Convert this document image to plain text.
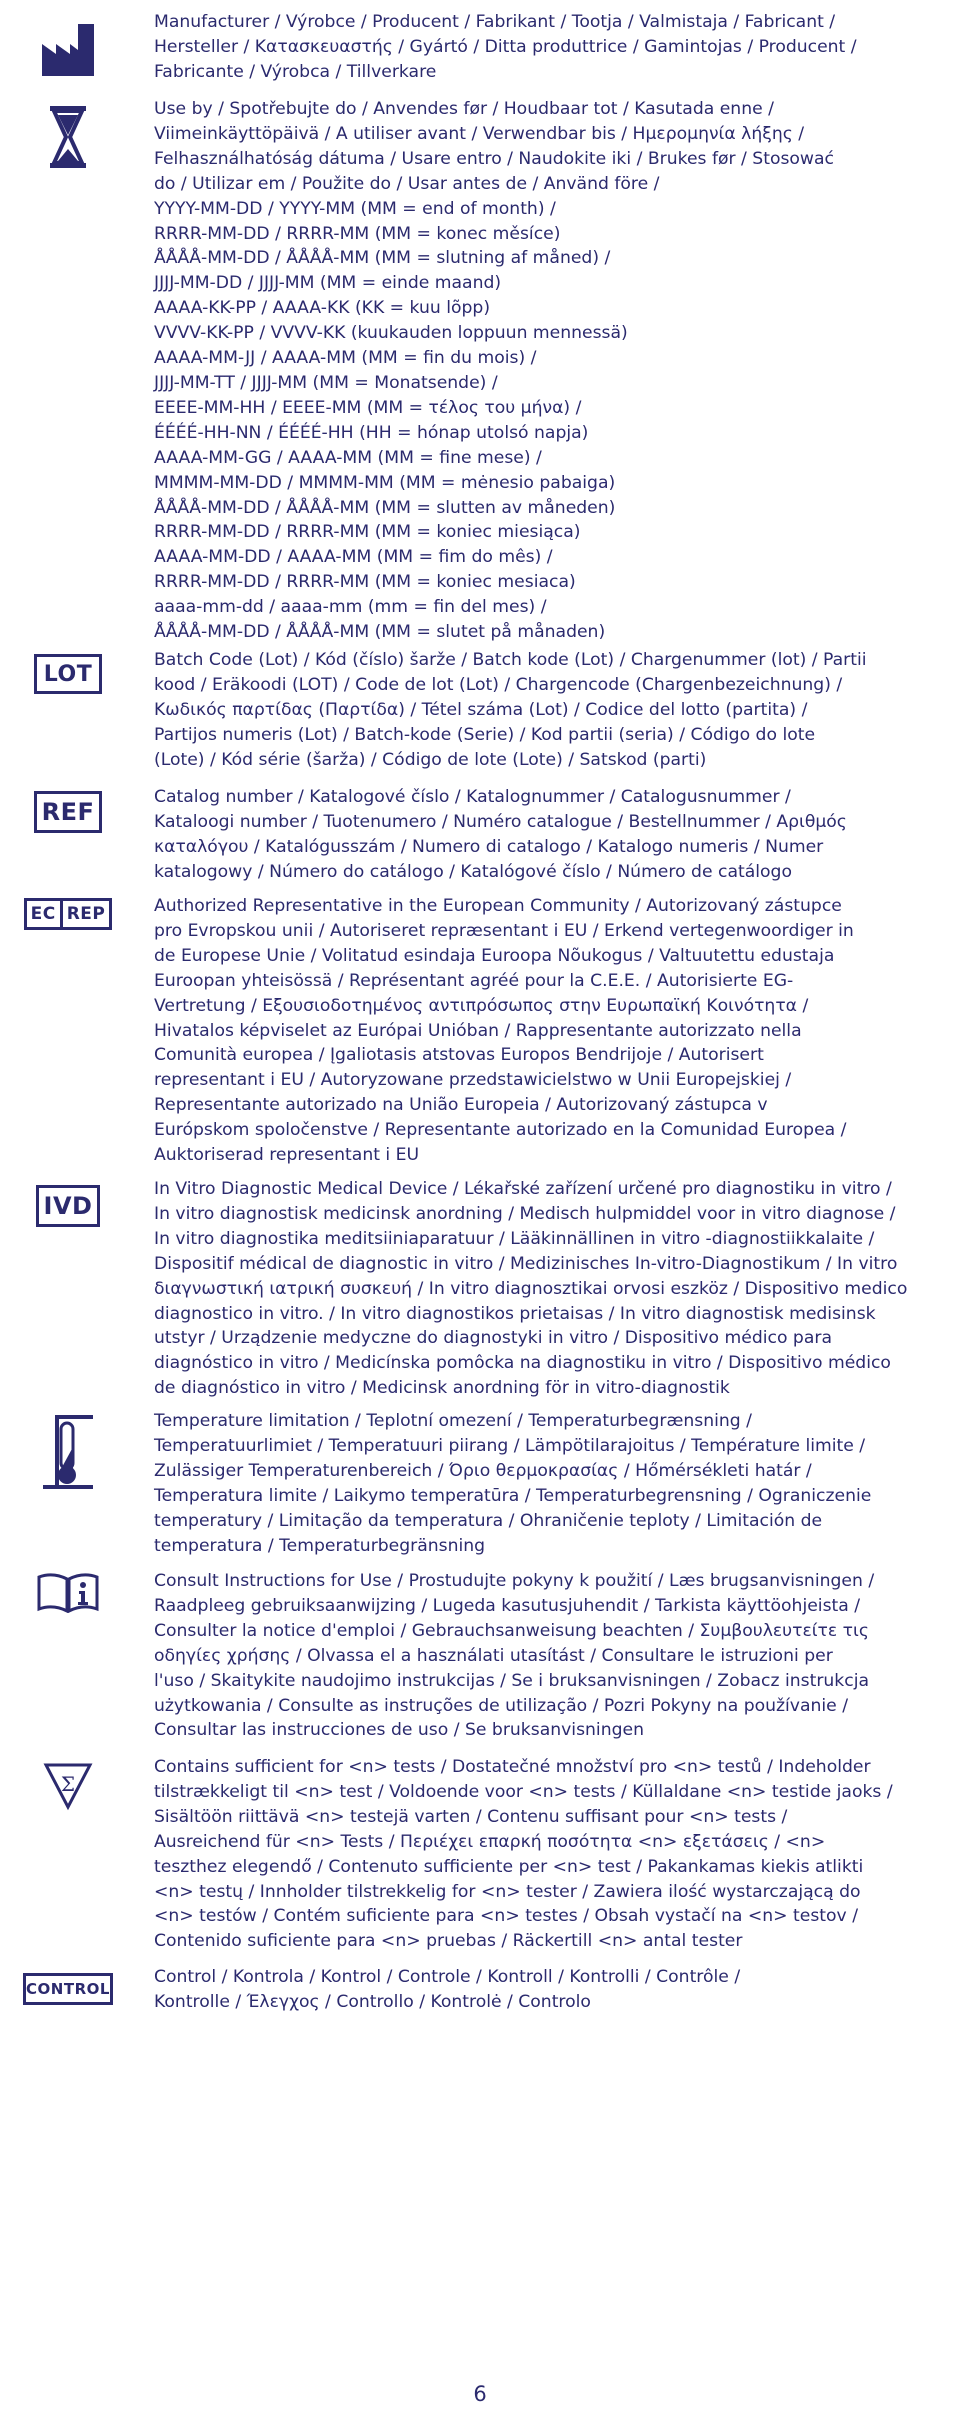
Manufacturer / Výrobce / Producent / Fabrikant / Tootja / Valmistaja / Fabricant /
Hersteller / Κατασκευαστής / Gyártó / Ditta produttrice / Gamintojas / Producent /
Fabricante / Výrobca / Tillverkare
Use by / Spotřebujte do / Anvendes før / Houdbaar tot / Kasutada enne /
Viimeinkäyttöpäivä / A utiliser avant / Verwendbar bis / Ημερομηνία λήξης /
Felhasználhatóság dátuma / Usare entro / Naudokite iki / Brukes før / Stosować
do / Utilizar em / Použite do / Usar antes de / Använd före /
YYYY-MM-DD / YYYY-MM (MM = end of month) /
RRRR-MM-DD / RRRR-MM (MM = konec měsíce)
ÅÅÅÅ-MM-DD / ÅÅÅÅ-MM (MM = slutning af måned) /
JJJJ-MM-DD / JJJJ-MM (MM = einde maand)
AAAA-KK-PP / AAAA-KK (KK = kuu lõpp)
VVVV-KK-PP / VVVV-KK (kuukauden loppuun mennessä)
AAAA-MM-JJ / AAAA-MM (MM = fin du mois) /
JJJJ-MM-TT / JJJJ-MM (MM = Monatsende) /
EEEE-MM-HH / EEEE-MM (MM = τέλος του μήνα) /
ÉÉÉÉ-HH-NN / ÉÉÉÉ-HH (HH = hónap utolsó napja)
AAAA-MM-GG / AAAA-MM (MM = fine mese) /
MMMM-MM-DD / MMMM-MM (MM = mėnesio pabaiga)
ÅÅÅÅ-MM-DD / ÅÅÅÅ-MM (MM = slutten av måneden)
RRRR-MM-DD / RRRR-MM (MM = koniec miesiąca)
AAAA-MM-DD / AAAA-MM (MM = fim do mês) /
RRRR-MM-DD / RRRR-MM (MM = koniec mesiaca)
aaaa-mm-dd / aaaa-mm (mm = fin del mes) /
ÅÅÅÅ-MM-DD / ÅÅÅÅ-MM (MM = slutet på månaden)
LOT
Batch Code (Lot) / Kód (číslo) šarže / Batch kode (Lot) / Chargenummer (lot) / Partii
kood / Eräkoodi (LOT) / Code de lot (Lot) / Chargencode (Chargenbezeichnung) /
Κωδικός παρτίδας (Παρτίδα) / Tétel száma (Lot) / Codice del lotto (partita) /
Partijos numeris (Lot) / Batch-kode (Serie) / Kod partii (seria) / Código do lote
(Lote) / Kód série (šarža) / Código de lote (Lote) / Satskod (parti)
REF
Catalog number / Katalogové číslo / Katalognummer / Catalogusnummer /
Kataloogi number / Tuotenumero / Numéro catalogue / Bestellnummer / Αριθμός
καταλόγου / Katalógusszám / Numero di catalogo / Katalogo numeris / Numer
katalogowy / Número do catálogo / Katalógové číslo / Número de catálogo
EC REP	Authorized Representative in the European Community / Autorizovaný zástupce
pro Evropskou unii / Autoriseret repræsentant i EU / Erkend vertegenwoordiger in
de Europese Unie / Volitatud esindaja Euroopa Nõukogus / Valtuutettu edustaja
Euroopan yhteisössä / Représentant agréé pour la C.E.E. / Autorisierte EG-
Vertretung / Εξουσιοδοτημένος αντιπρόσωπος στην Ευρωπαϊκή Κοινότητα /
Hivatalos képviselet az Európai Unióban / Rappresentante autorizzato nella
Comunità europea / Įgaliotasis atstovas Europos Bendrijoje / Autorisert
representant i EU / Autoryzowane przedstawicielstwo w Unii Europejskiej /
Representante autorizado na União Europeia / Autorizovaný zástupca v
Európskom spoločenstve / Representante autorizado en la Comunidad Europea /
Auktoriserad representant i EU
IVD
In Vitro Diagnostic Medical Device / Lékařské zařízení určené pro diagnostiku in vitro /
In vitro diagnostisk medicinsk anordning / Medisch hulpmiddel voor in vitro diagnose /
In vitro diagnostika meditsiiniaparatuur / Lääkinnällinen in vitro -diagnostiikkalaite /
Dispositif médical de diagnostic in vitro / Medizinisches In-vitro-Diagnostikum / In vitro
διαγνωστική ιατρική συσκευή / In vitro diagnosztikai orvosi eszköz / Dispositivo medico
diagnostico in vitro. / In vitro diagnostikos prietaisas / In vitro diagnostisk medisinsk
utstyr / Urządzenie medyczne do diagnostyki in vitro / Dispositivo médico para
diagnóstico in vitro / Medicínska pomôcka na diagnostiku in vitro / Dispositivo médico
de diagnóstico in vitro / Medicinsk anordning för in vitro-diagnostik
Temperature limitation / Teplotní omezení / Temperaturbegrænsning /
Temperatuurlimiet / Temperatuuri piirang / Lämpötilarajoitus / Température limite /
Zulässiger Temperaturenbereich / Όριο θερμοκρασίας / Hőmérsékleti határ /
Temperatura limite / Laikymo temperatūra / Temperaturbegrensning / Ograniczenie
temperatury / Limitação da temperatura / Ohraničenie teploty / Limitación de
temperatura / Temperaturbegränsning
Consult Instructions for Use / Prostudujte pokyny k použití / Læs brugsanvisningen /
Raadpleeg gebruiksaanwijzing / Lugeda kasutusjuhendit / Tarkista käyttöohjeista /
Consulter la notice d'emploi / Gebrauchsanweisung beachten / Συμβουλευτείτε τις
οδηγίες χρήσης / Olvassa el a használati utasítást / Consultare le istruzioni per
l'uso / Skaitykite naudojimo instrukcijas / Se i bruksanvisningen / Zobacz instrukcja
użytkowania / Consulte as instruções de utilização / Pozri Pokyny na používanie /
Consultar las instrucciones de uso / Se bruksanvisningen
Σ
Contains sufficient for <n> tests / Dostatečné množství pro <n> testů / Indeholder
tilstrækkeligt til <n> test / Voldoende voor <n> tests / Küllaldane <n> testide jaoks /
Sisältöön riittävä <n> testejä varten / Contenu suffisant pour <n> tests /
Ausreichend für <n> Tests / Περιέχει επαρκή ποσότητα <n> εξετάσεις / <n>
teszthez elegendő / Contenuto sufficiente per <n> test / Pakankamas kiekis atlikti
<n> testų / Innholder tilstrekkelig for <n> tester / Zawiera ilość wystarczającą do
<n> testów / Contém suficiente para <n> testes / Obsah vystačí na <n> testov /
Contenido suficiente para <n> pruebas / Räckertill <n> antal tester
CONTROL
Control / Kontrola / Kontrol / Controle / Kontroll / Kontrolli / Contrôle /
Kontrolle / Έλεγχος / Controllo / Kontrolė / Controlo
6
